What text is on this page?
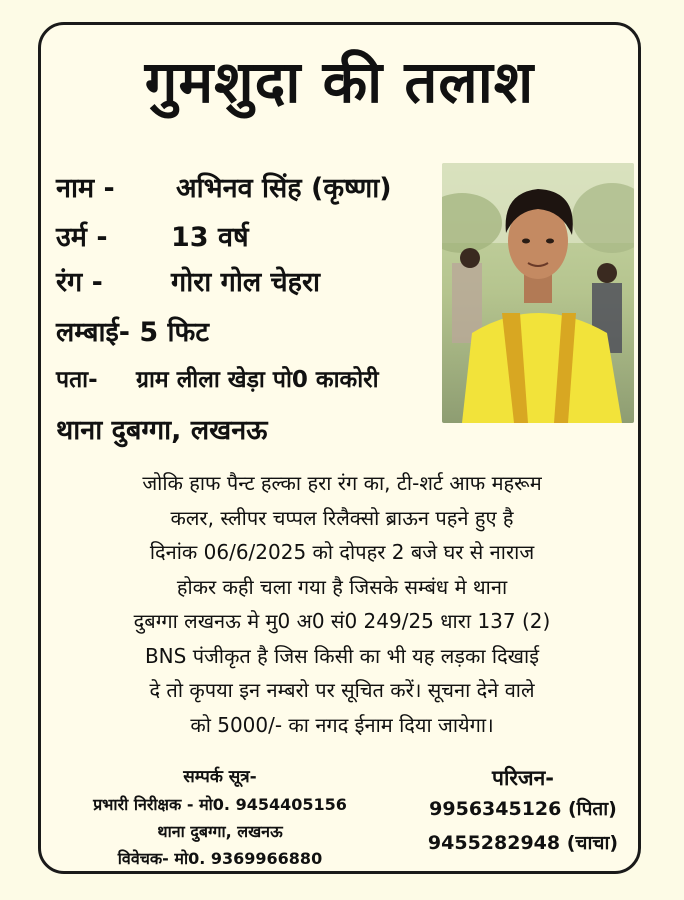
गुमशुदा की तलाश
नाम - अभिनव सिंह (कृष्णा)
उर्म - 13 वर्ष
रंग -	गोरा गोल चेहरा
लम्बाई- 5 फिट
पता- ग्राम लीला खेड़ा पो0 काकोरी
थाना दुबग्गा, लखनऊ
जोकि हाफ पैन्ट हल्का हरा रंग का, टी-शर्ट आफ महरूम
कलर, स्लीपर चप्पल रिलैक्सो ब्राऊन पहने हुए है
दिनांक 06/6/2025 को दोपहर 2 बजे घर से नाराज
होकर कही चला गया है जिसके सम्बंध मे थाना
दुबग्गा लखनऊ मे मु0 अ0 सं0 249/25 धारा 137 (2)
BNS पंजीकृत है जिस किसी का भी यह लड़का दिखाई
दे तो कृपया इन नम्बरो पर सूचित करें। सूचना देने वाले
को 5000/- का नगद ईनाम दिया जायेगा।
सम्पर्क सूत्र-
प्रभारी निरीक्षक - मो0. 9454405156
थाना दुबग्गा, लखनऊ
विवेचक- मो0. 9369966880
परिजन-
9956345126 (पिता)
9455282948 (चाचा)
